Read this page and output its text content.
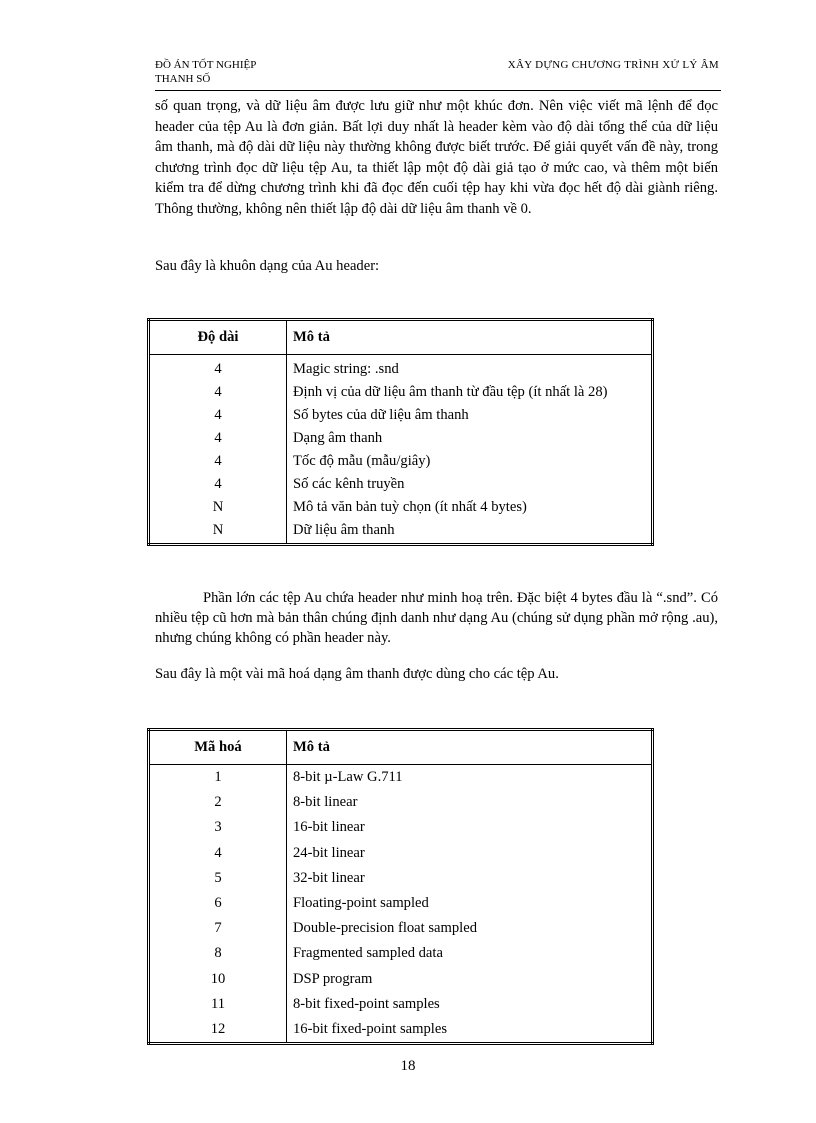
ĐỒ ÁN TỐT NGHIỆP
THANH SỐ
XÂY DỰNG CHƯƠNG TRÌNH XỬ LÝ ÂM
số quan trọng, và dữ liệu âm được lưu giữ như một khúc đơn. Nên việc viết mã lệnh để đọc header của tệp Au là đơn giản. Bất lợi duy nhất là header kèm vào độ dài tổng thể của dữ liệu âm thanh, mà độ dài dữ liệu này thường không được biết trước. Để giải quyết vấn đề này, trong chương trình đọc dữ liệu tệp Au, ta thiết lập một độ dài giả tạo ở mức cao, và thêm một biến kiểm tra để dừng chương trình khi đã đọc đến cuối tệp hay khi vừa đọc hết độ dài giành riêng. Thông thường, không nên thiết lập độ dài dữ liệu âm thanh về 0.
Sau đây là khuôn dạng của Au header:
Độ dài	Mô tả
4	Magic string: .snd
4	Định vị của dữ liệu âm thanh từ đầu tệp (ít nhất là 28)
4	Số bytes của dữ liệu âm thanh
4	Dạng âm thanh
4	Tốc độ mẫu (mẫu/giây)
4	Số các kênh truyền
N	Mô tả văn bản tuỳ chọn (ít nhất 4 bytes)
N	Dữ liệu âm thanh
Phần lớn các tệp Au chứa header như minh hoạ trên. Đặc biệt 4 bytes đầu là “.snd”. Có nhiều tệp cũ hơn mà bản thân chúng định danh như dạng Au (chúng sử dụng phần mở rộng .au), nhưng chúng không có phần header này.
Sau đây là một vài mã hoá dạng âm thanh được dùng cho các tệp Au.
Mã hoá	Mô tả
1	8-bit µ-Law G.711
2	8-bit linear
3	16-bit linear
4	24-bit linear
5	32-bit linear
6	Floating-point sampled
7	Double-precision float sampled
8	Fragmented sampled data
10	DSP program
11	8-bit fixed-point samples
12	16-bit fixed-point samples
18
